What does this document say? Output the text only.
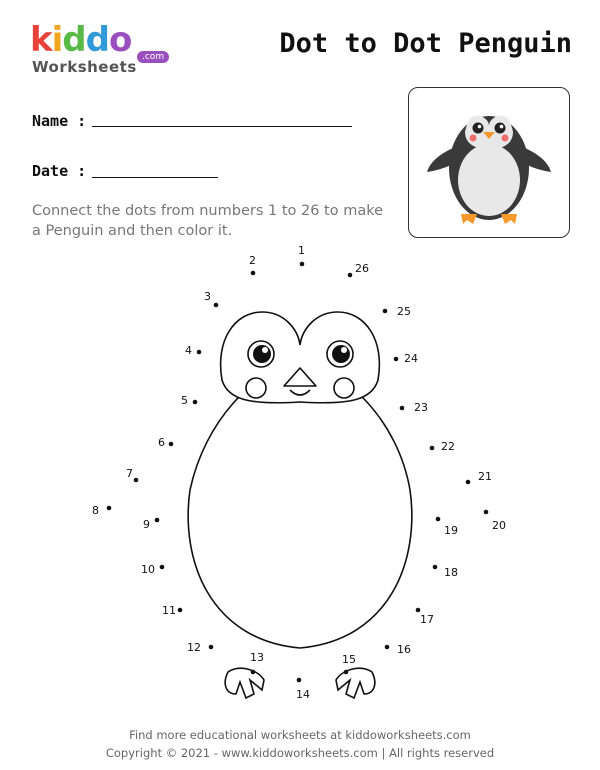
kiddo
Worksheets
.com	Dot to Dot Penguin
Name :
Date :
Connect the dots from numbers 1 to 26 to make a Penguin and then color it.
1
2
3
4
5
6
7
8
9
10
11
12
13
14
15
16
17
18
19	20
21
22
23
24
25
26
Find more educational worksheets at kiddoworksheets.com
Copyright © 2021 - www.kiddoworksheets.com | All rights reserved
